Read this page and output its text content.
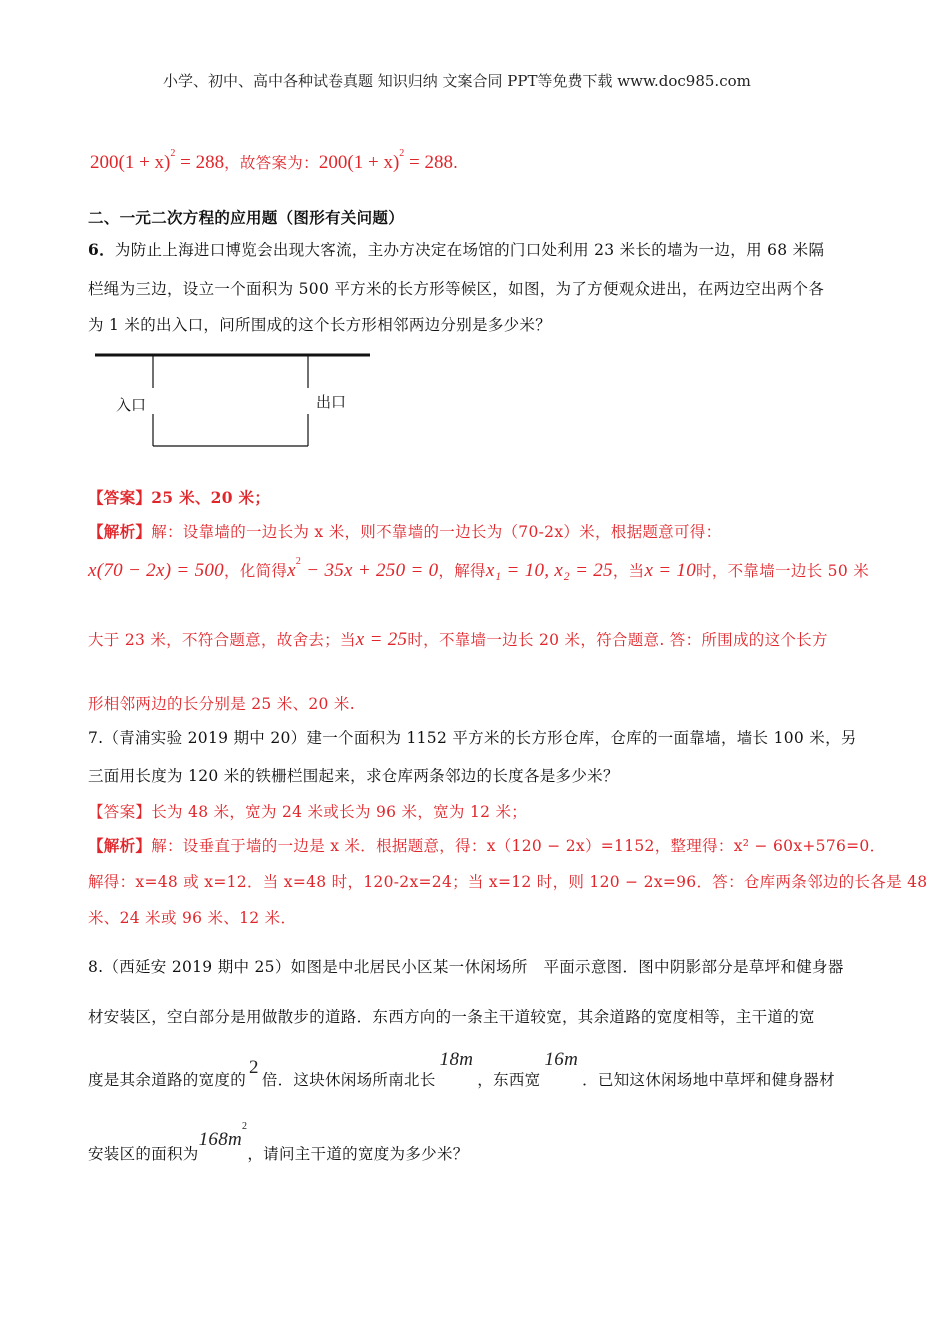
小学、初中、高中各种试卷真题 知识归纳 文案合同 PPT等免费下载 www.doc985.com
$200(1 + x)^2 = 288$，故答案为：$200(1 + x)^2 = 288$.
二、一元二次方程的应用题（图形有关问题）
6．为防止上海进口博览会出现大客流，主办方决定在场馆的门口处利用 23 米长的墙为一边，用 68 米隔
栏绳为三边，设立一个面积为 500 平方米的长方形等候区，如图，为了方便观众进出，在两边空出两个各
为 1 米的出入口，问所围成的这个长方形相邻两边分别是多少米？
入口	出口
【答案】25 米、20 米；
【解析】解：设靠墙的一边长为 x 米，则不靠墙的一边长为（70-2x）米，根据题意可得：
x(70 − 2x) = 500，化简得$x^2 - 35x + 250 = 0$，解得x₁ = 10, x₂ = 25，当x = 10时，不靠墙一边长 50 米
大于 23 米，不符合题意，故舍去；当x = 25时，不靠墙一边长 20 米，符合题意. 答：所围成的这个长方
形相邻两边的长分别是 25 米、20 米.
7.（青浦实验 2019 期中 20）建一个面积为 1152 平方米的长方形仓库，仓库的一面靠墙，墙长 100 米，另
三面用长度为 120 米的铁栅栏围起来，求仓库两条邻边的长度各是多少米？
【答案】长为 48 米，宽为 24 米或长为 96 米，宽为 12 米；
【解析】解：设垂直于墙的一边是 x 米．根据题意，得：x（120 − 2x）=1152，整理得：x² − 60x+576=0．
解得：x=48 或 x=12．当 x=48 时，120-2x=24；当 x=12 时，则 120 − 2x=96．答：仓库两条邻边的长各是 48
米、24 米或 96 米、12 米．
8.（西延安 2019 期中 25）如图是中北居民小区某一休闲场所　平面示意图．图中阴影部分是草坪和健身器
材安装区，空白部分是用做散步的道路．东西方向的一条主干道较宽，其余道路的宽度相等，主干道的宽
度是其余道路的宽度的2倍．这块休闲场所南北长18m，东西宽16m．已知这休闲场地中草坪和健身器材
安装区的面积为$168m^2$，请问主干道的宽度为多少米？
